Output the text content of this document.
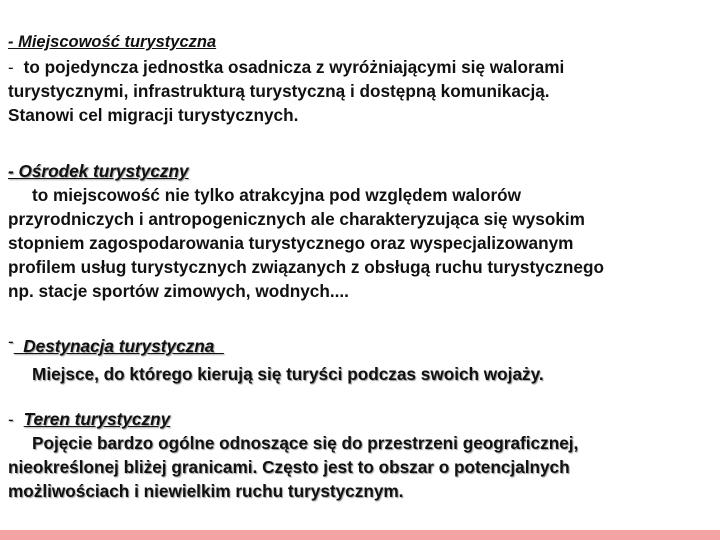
- Miejscowość turystyczna
- to pojedyncza jednostka osadnicza z wyróżniającymi się walorami
turystycznymi, infrastrukturą turystyczną i dostępną komunikacją.
Stanowi cel migracji turystycznych.
- Ośrodek turystyczny
to miejscowość nie tylko atrakcyjna pod względem walorów
przyrodniczych i antropogenicznych ale charakteryzująca się wysokim
stopniem zagospodarowania turystycznego oraz wyspecjalizowanym
profilem usług turystycznych związanych z obsługą ruchu turystycznego
np. stacje sportów zimowych, wodnych....
-  Destynacja turystyczna
Miejsce, do którego kierują się turyści podczas swoich wojaży.
- Teren turystyczny
Pojęcie bardzo ogólne odnoszące się do przestrzeni geograficznej,
nieokreślonej bliżej granicami. Często jest to obszar o potencjalnych
możliwościach i niewielkim ruchu turystycznym.
